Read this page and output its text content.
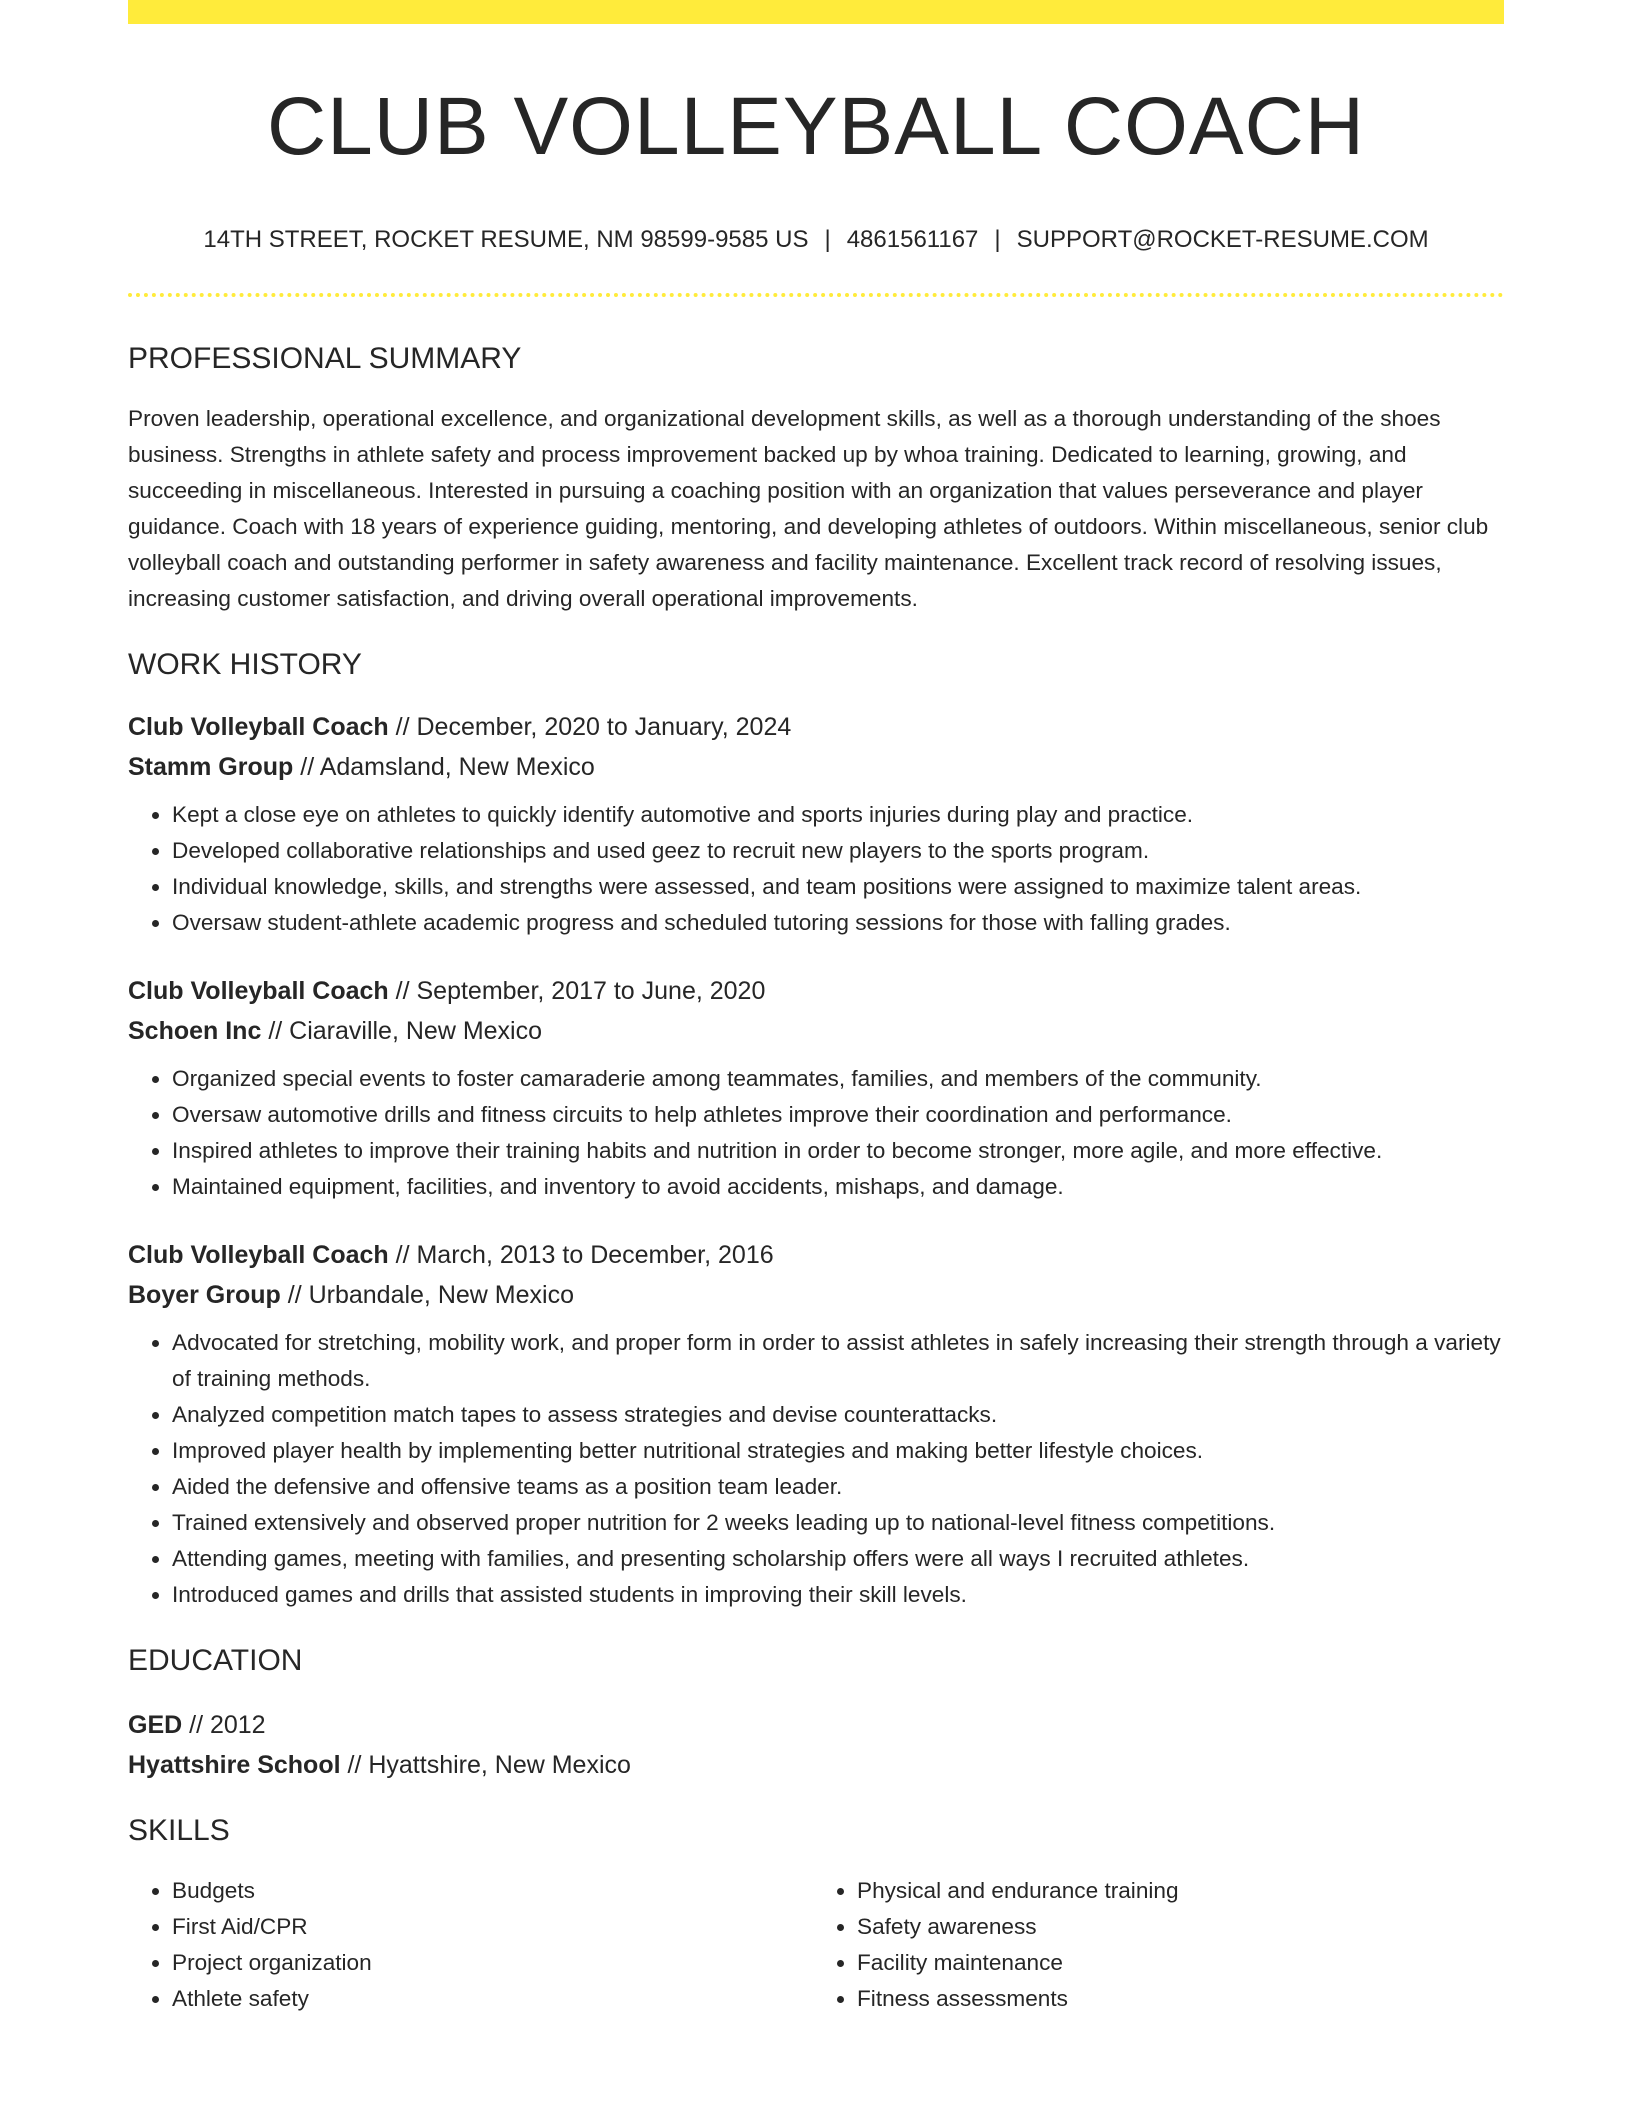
CLUB VOLLEYBALL COACH
14TH STREET, ROCKET RESUME, NM 98599-9585 US | 4861561167 | SUPPORT@ROCKET-RESUME.COM
PROFESSIONAL SUMMARY
Proven leadership, operational excellence, and organizational development skills, as well as a thorough understanding of the shoes business. Strengths in athlete safety and process improvement backed up by whoa training. Dedicated to learning, growing, and succeeding in miscellaneous. Interested in pursuing a coaching position with an organization that values perseverance and player guidance. Coach with 18 years of experience guiding, mentoring, and developing athletes of outdoors. Within miscellaneous, senior club volleyball coach and outstanding performer in safety awareness and facility maintenance. Excellent track record of resolving issues, increasing customer satisfaction, and driving overall operational improvements.
WORK HISTORY
Club Volleyball Coach // December, 2020 to January, 2024
Stamm Group // Adamsland, New Mexico
• Kept a close eye on athletes to quickly identify automotive and sports injuries during play and practice.
• Developed collaborative relationships and used geez to recruit new players to the sports program.
• Individual knowledge, skills, and strengths were assessed, and team positions were assigned to maximize talent areas.
• Oversaw student-athlete academic progress and scheduled tutoring sessions for those with falling grades.
Club Volleyball Coach // September, 2017 to June, 2020
Schoen Inc // Ciaraville, New Mexico
• Organized special events to foster camaraderie among teammates, families, and members of the community.
• Oversaw automotive drills and fitness circuits to help athletes improve their coordination and performance.
• Inspired athletes to improve their training habits and nutrition in order to become stronger, more agile, and more effective.
• Maintained equipment, facilities, and inventory to avoid accidents, mishaps, and damage.
Club Volleyball Coach // March, 2013 to December, 2016
Boyer Group // Urbandale, New Mexico
• Advocated for stretching, mobility work, and proper form in order to assist athletes in safely increasing their strength through a variety of training methods.
• Analyzed competition match tapes to assess strategies and devise counterattacks.
• Improved player health by implementing better nutritional strategies and making better lifestyle choices.
• Aided the defensive and offensive teams as a position team leader.
• Trained extensively and observed proper nutrition for 2 weeks leading up to national-level fitness competitions.
• Attending games, meeting with families, and presenting scholarship offers were all ways I recruited athletes.
• Introduced games and drills that assisted students in improving their skill levels.
EDUCATION
GED // 2012
Hyattshire School // Hyattshire, New Mexico
SKILLS
• Budgets
• First Aid/CPR
• Project organization
• Athlete safety
• Physical and endurance training
• Safety awareness
• Facility maintenance
• Fitness assessments
